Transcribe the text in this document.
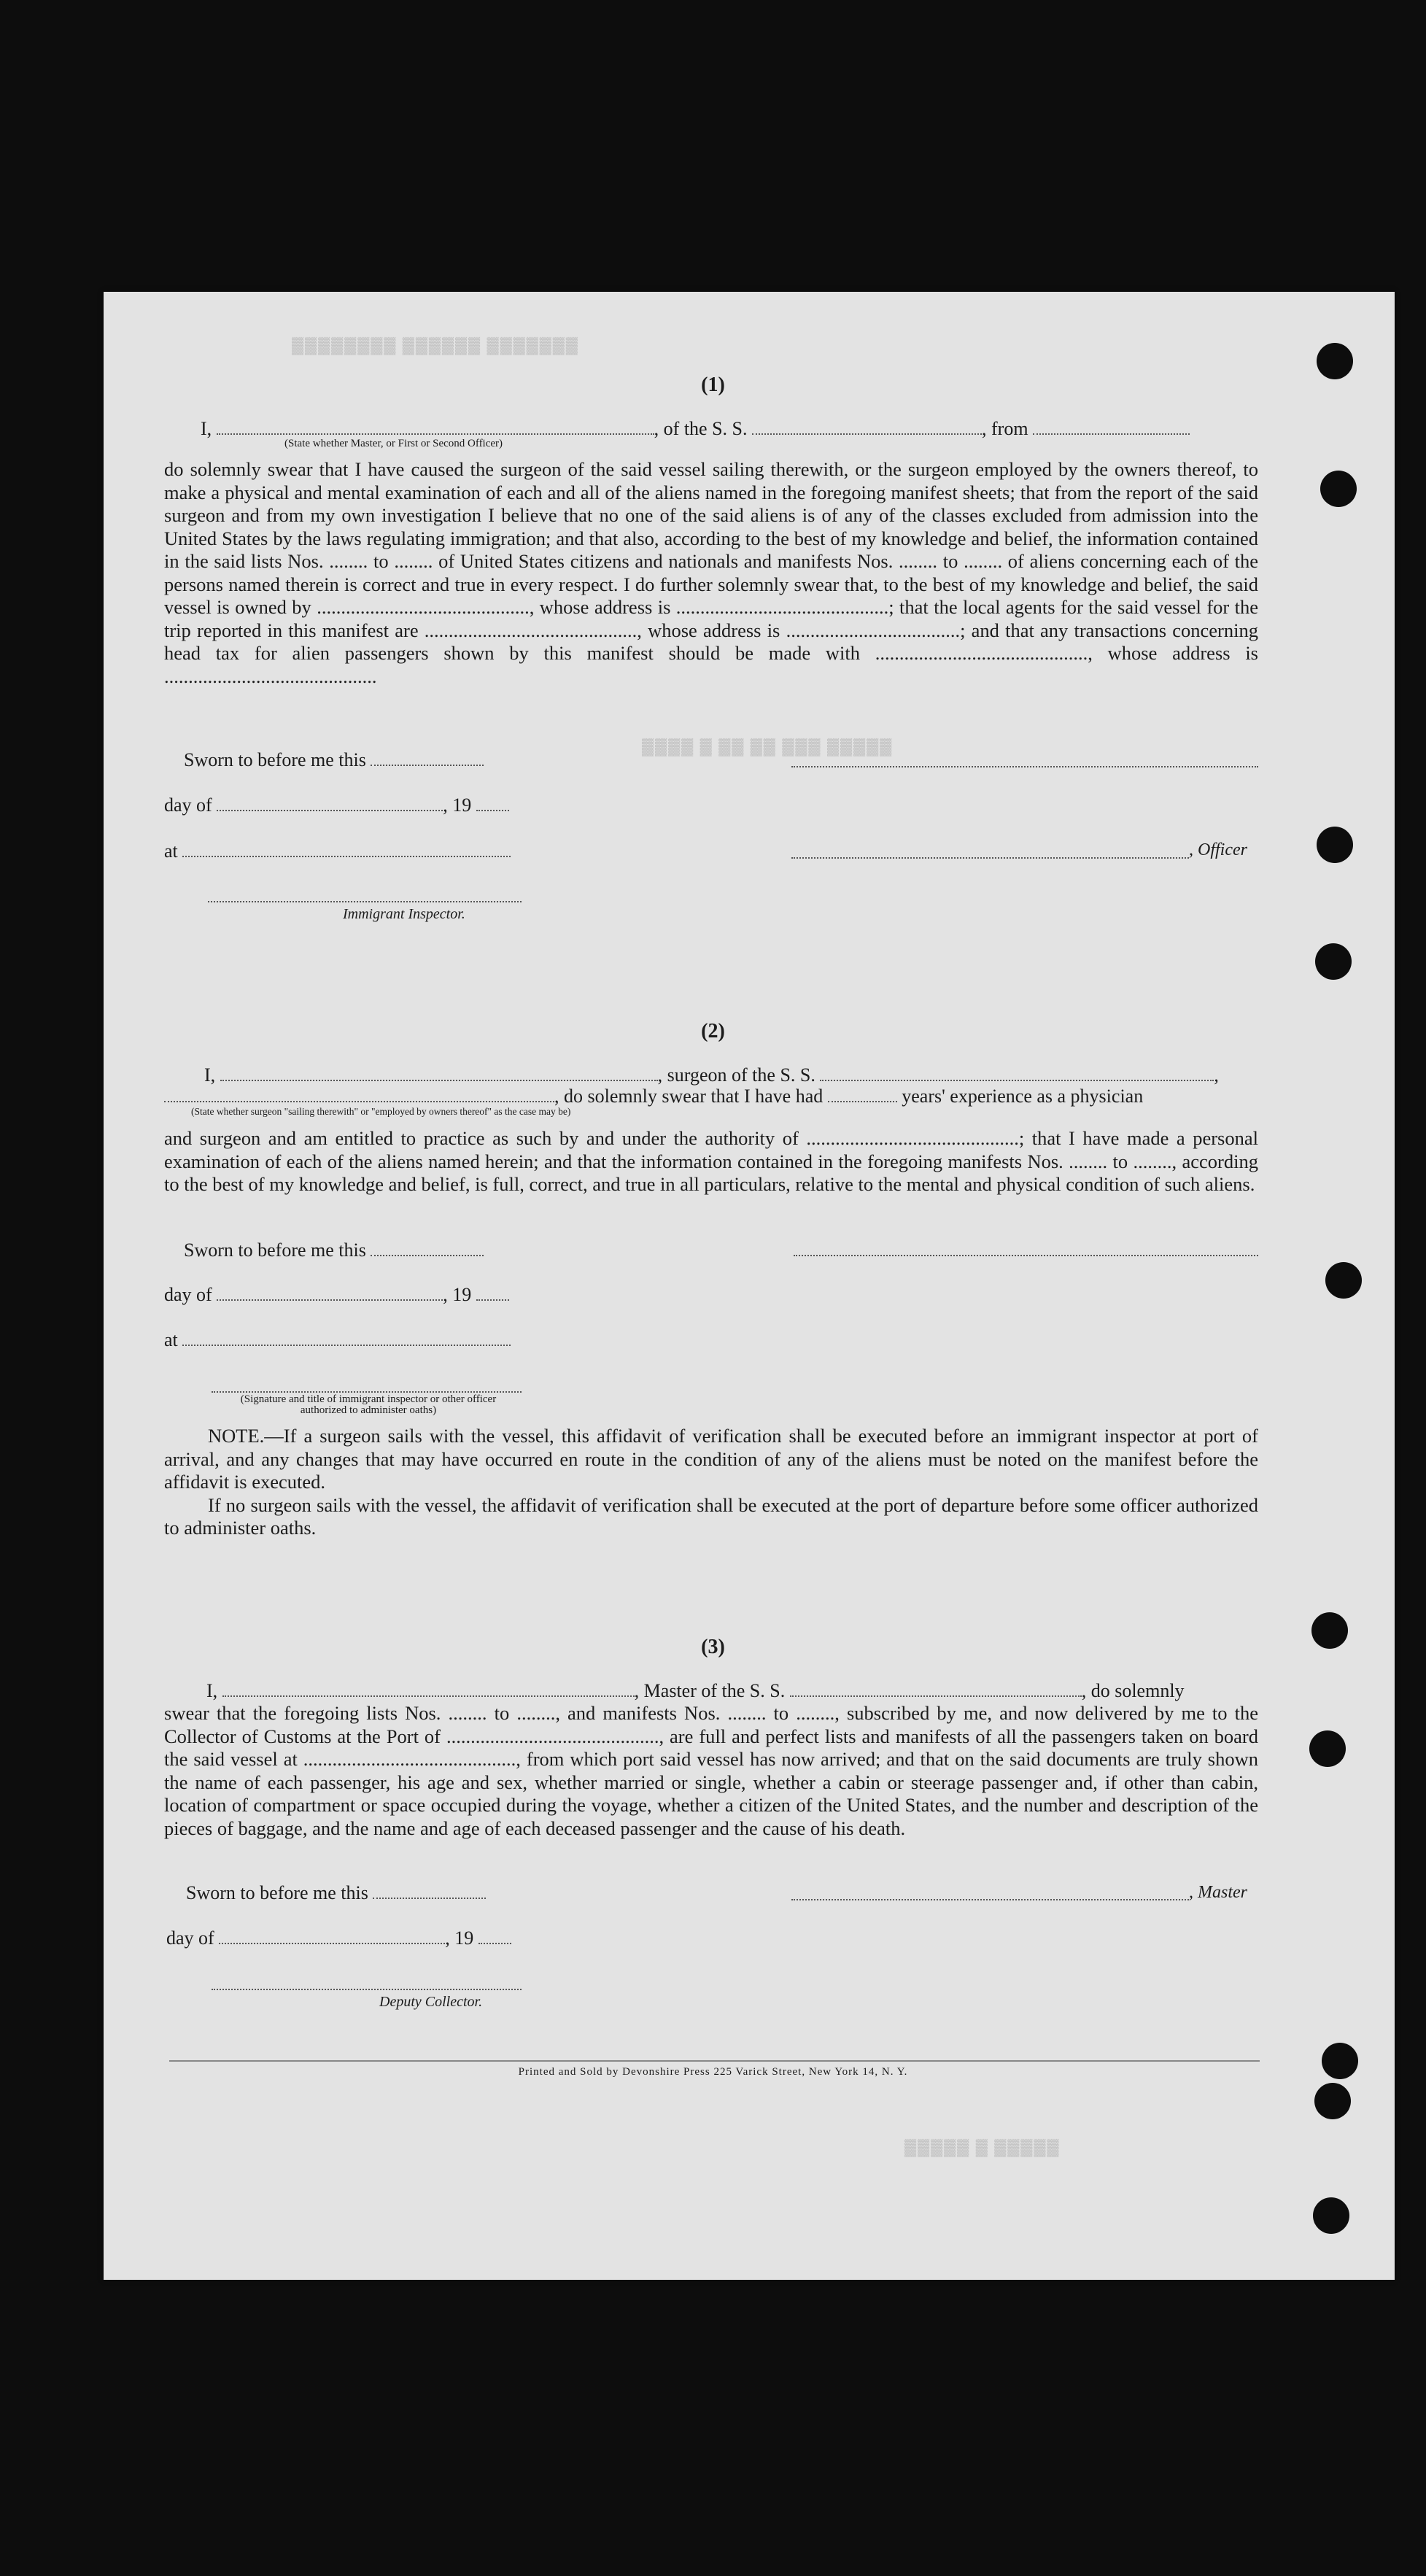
▓▓▓▓▓▓▓▓ ▓▓▓▓▓▓ ▓▓▓▓▓▓▓
▓▓▓▓ ▓ ▓▓ ▓▓ ▓▓▓ ▓▓▓▓▓
▓▓▓▓▓ ▓ ▓▓▓▓▓
(1)
I,	, of the S. S.	, from
(State whether Master, or First or Second Officer)

do solemnly swear that I have caused the surgeon of the said vessel sailing therewith, or the surgeon employed by the owners thereof, to make a physical and mental examination of each and all of the aliens named in the foregoing manifest sheets; that from the report of the said surgeon and from my own investigation I believe that no one of the said aliens is of any of the classes excluded from admission into the United States by the laws regulating immigration; and that also, according to the best of my knowledge and belief, the information contained in the said lists Nos. ........ to ........ of United States citizens and nationals and manifests Nos. ........ to ........ of aliens concerning each of the persons named therein is correct and true in every respect. I do further solemnly swear that, to the best of my knowledge and belief, the said vessel is owned by ............................................, whose address is ............................................; that the local agents for the said vessel for the trip reported in this manifest are ............................................, whose address is ....................................; and that any transactions concerning head tax for alien passengers shown by this manifest should be made with ............................................, whose address is ............................................

Sworn to before me this
day of	, 19
at	, Officer
Immigrant Inspector.
(2)
I,	, surgeon of the S. S.	,
, do solemnly swear that I have had	years' experience as a physician
(State whether surgeon "sailing therewith" or "employed by owners thereof" as the case may be)

and surgeon and am entitled to practice as such by and under the authority of ............................................; that I have made a personal examination of each of the aliens named herein; and that the information contained in the foregoing manifests Nos. ........ to ........, according to the best of my knowledge and belief, is full, correct, and true in all particulars, relative to the mental and physical condition of such aliens.

Sworn to before me this
day of	, 19
at
(Signature and title of immigrant inspector or other officer authorized to administer oaths)

NOTE.—If a surgeon sails with the vessel, this affidavit of verification shall be executed before an immigrant inspector at port of arrival, and any changes that may have occurred en route in the condition of any of the aliens must be noted on the manifest before the affidavit is executed.

If no surgeon sails with the vessel, the affidavit of verification shall be executed at the port of departure before some officer authorized to administer oaths.

(3)
I,	, Master of the S. S.	, do solemnly

swear that the foregoing lists Nos. ........ to ........, and manifests Nos. ........ to ........, subscribed by me, and now delivered by me to the Collector of Customs at the Port of ............................................, are full and perfect lists and manifests of all the passengers taken on board the said vessel at ............................................, from which port said vessel has now arrived; and that on the said documents are truly shown the name of each passenger, his age and sex, whether married or single, whether a cabin or steerage passenger and, if other than cabin, location of compartment or space occupied during the voyage, whether a citizen of the United States, and the number and description of the pieces of baggage, and the name and age of each deceased passenger and the cause of his death.

Sworn to before me this	, Master
day of	, 19
Deputy Collector.
Printed and Sold by Devonshire Press 225 Varick Street, New York 14, N. Y.
